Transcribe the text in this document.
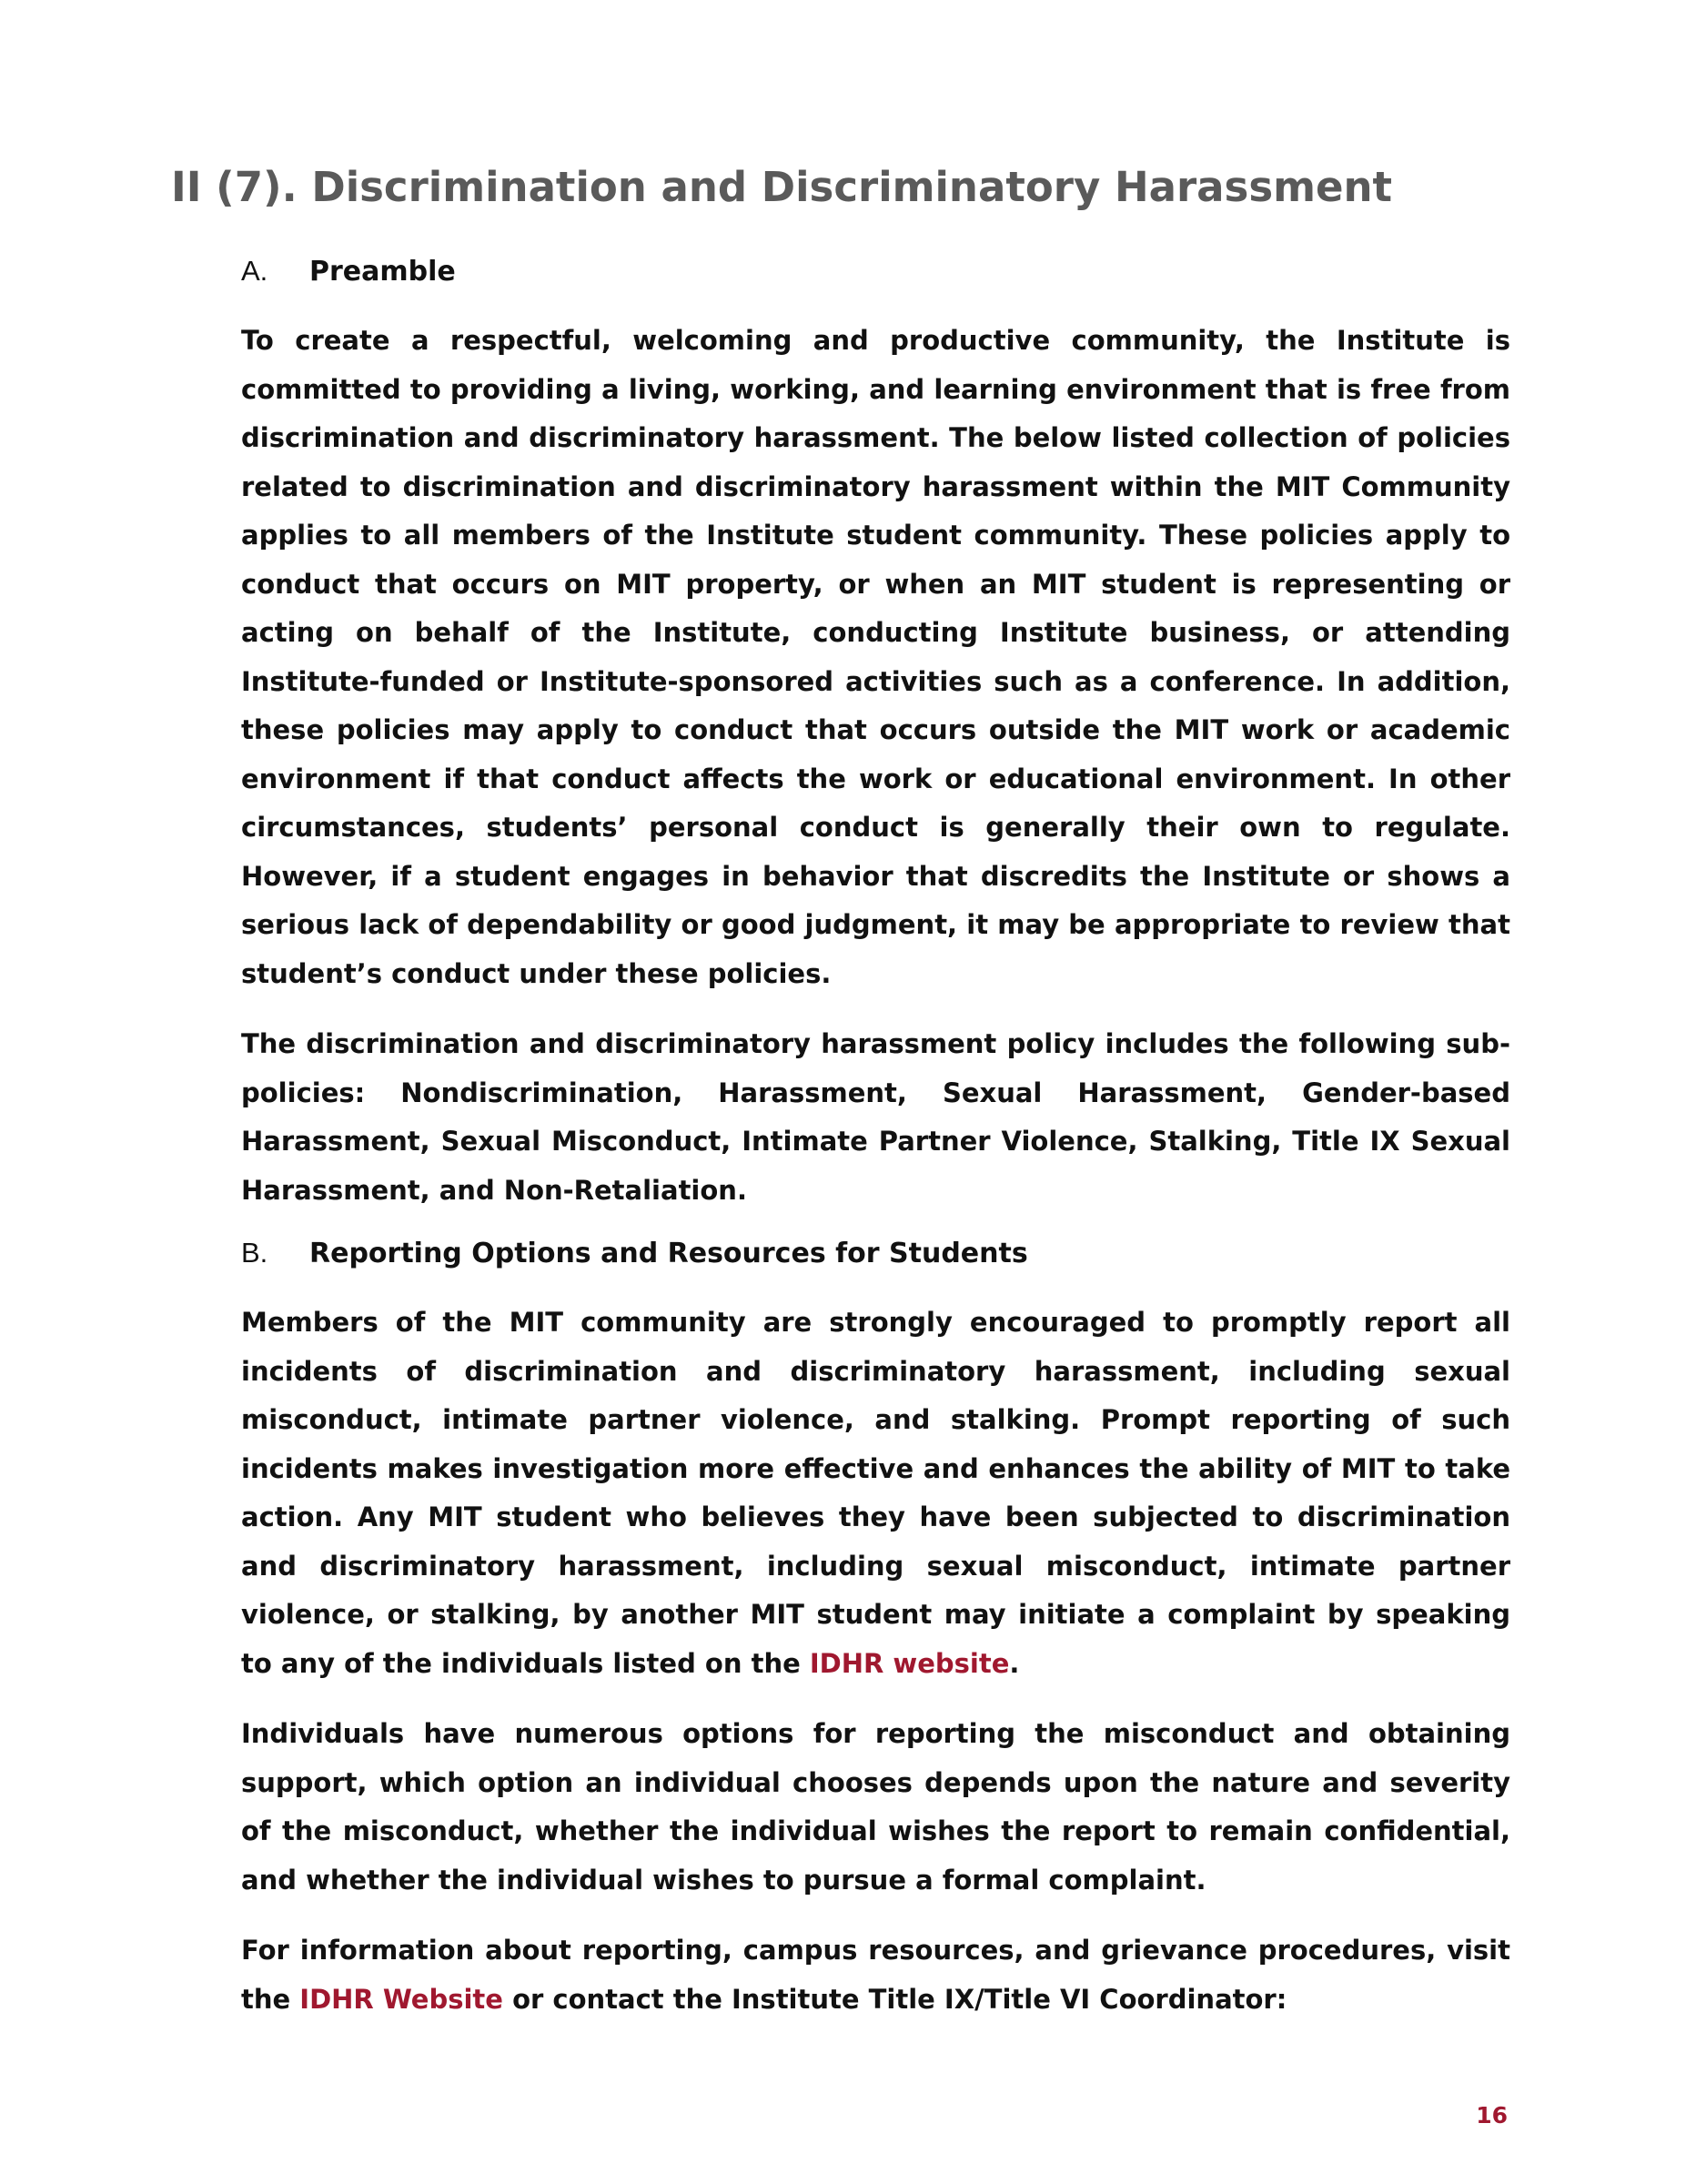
II (7). Discrimination and Discriminatory Harassment
A.	Preamble

To create a respectful, welcoming and productive community, the Institute is committed to providing a living, working, and learning environment that is free from discrimination and discriminatory harassment. The below listed collection of policies related to discrimination and discriminatory harassment within the MIT Community applies to all members of the Institute student community. These policies apply to conduct that occurs on MIT property, or when an MIT student is representing or acting on behalf of the Institute, conducting Institute business, or attending Institute-funded or Institute-sponsored activities such as a conference. In addition, these policies may apply to conduct that occurs outside the MIT work or academic environment if that conduct affects the work or educational environment. In other circumstances, students’ personal conduct is generally their own to regulate. However, if a student engages in behavior that discredits the Institute or shows a serious lack of dependability or good judgment, it may be appropriate to review that student’s conduct under these policies.

The discrimination and discriminatory harassment policy includes the following sub-policies: Nondiscrimination, Harassment, Sexual Harassment, Gender-based Harassment, Sexual Misconduct, Intimate Partner Violence, Stalking, Title IX Sexual Harassment, and Non-Retaliation.

B.	Reporting Options and Resources for Students

Members of the MIT community are strongly encouraged to promptly report all incidents of discrimination and discriminatory harassment, including sexual misconduct, intimate partner violence, and stalking. Prompt reporting of such incidents makes investigation more effective and enhances the ability of MIT to take action. Any MIT student who believes they have been subjected to discrimination and discriminatory harassment, including sexual misconduct, intimate partner violence, or stalking, by another MIT student may initiate a complaint by speaking to any of the individuals listed on the IDHR website.

Individuals have numerous options for reporting the misconduct and obtaining support, which option an individual chooses depends upon the nature and severity of the misconduct, whether the individual wishes the report to remain confidential, and whether the individual wishes to pursue a formal complaint.

For information about reporting, campus resources, and grievance procedures, visit the IDHR Website or contact the Institute Title IX/Title VI Coordinator:

16
